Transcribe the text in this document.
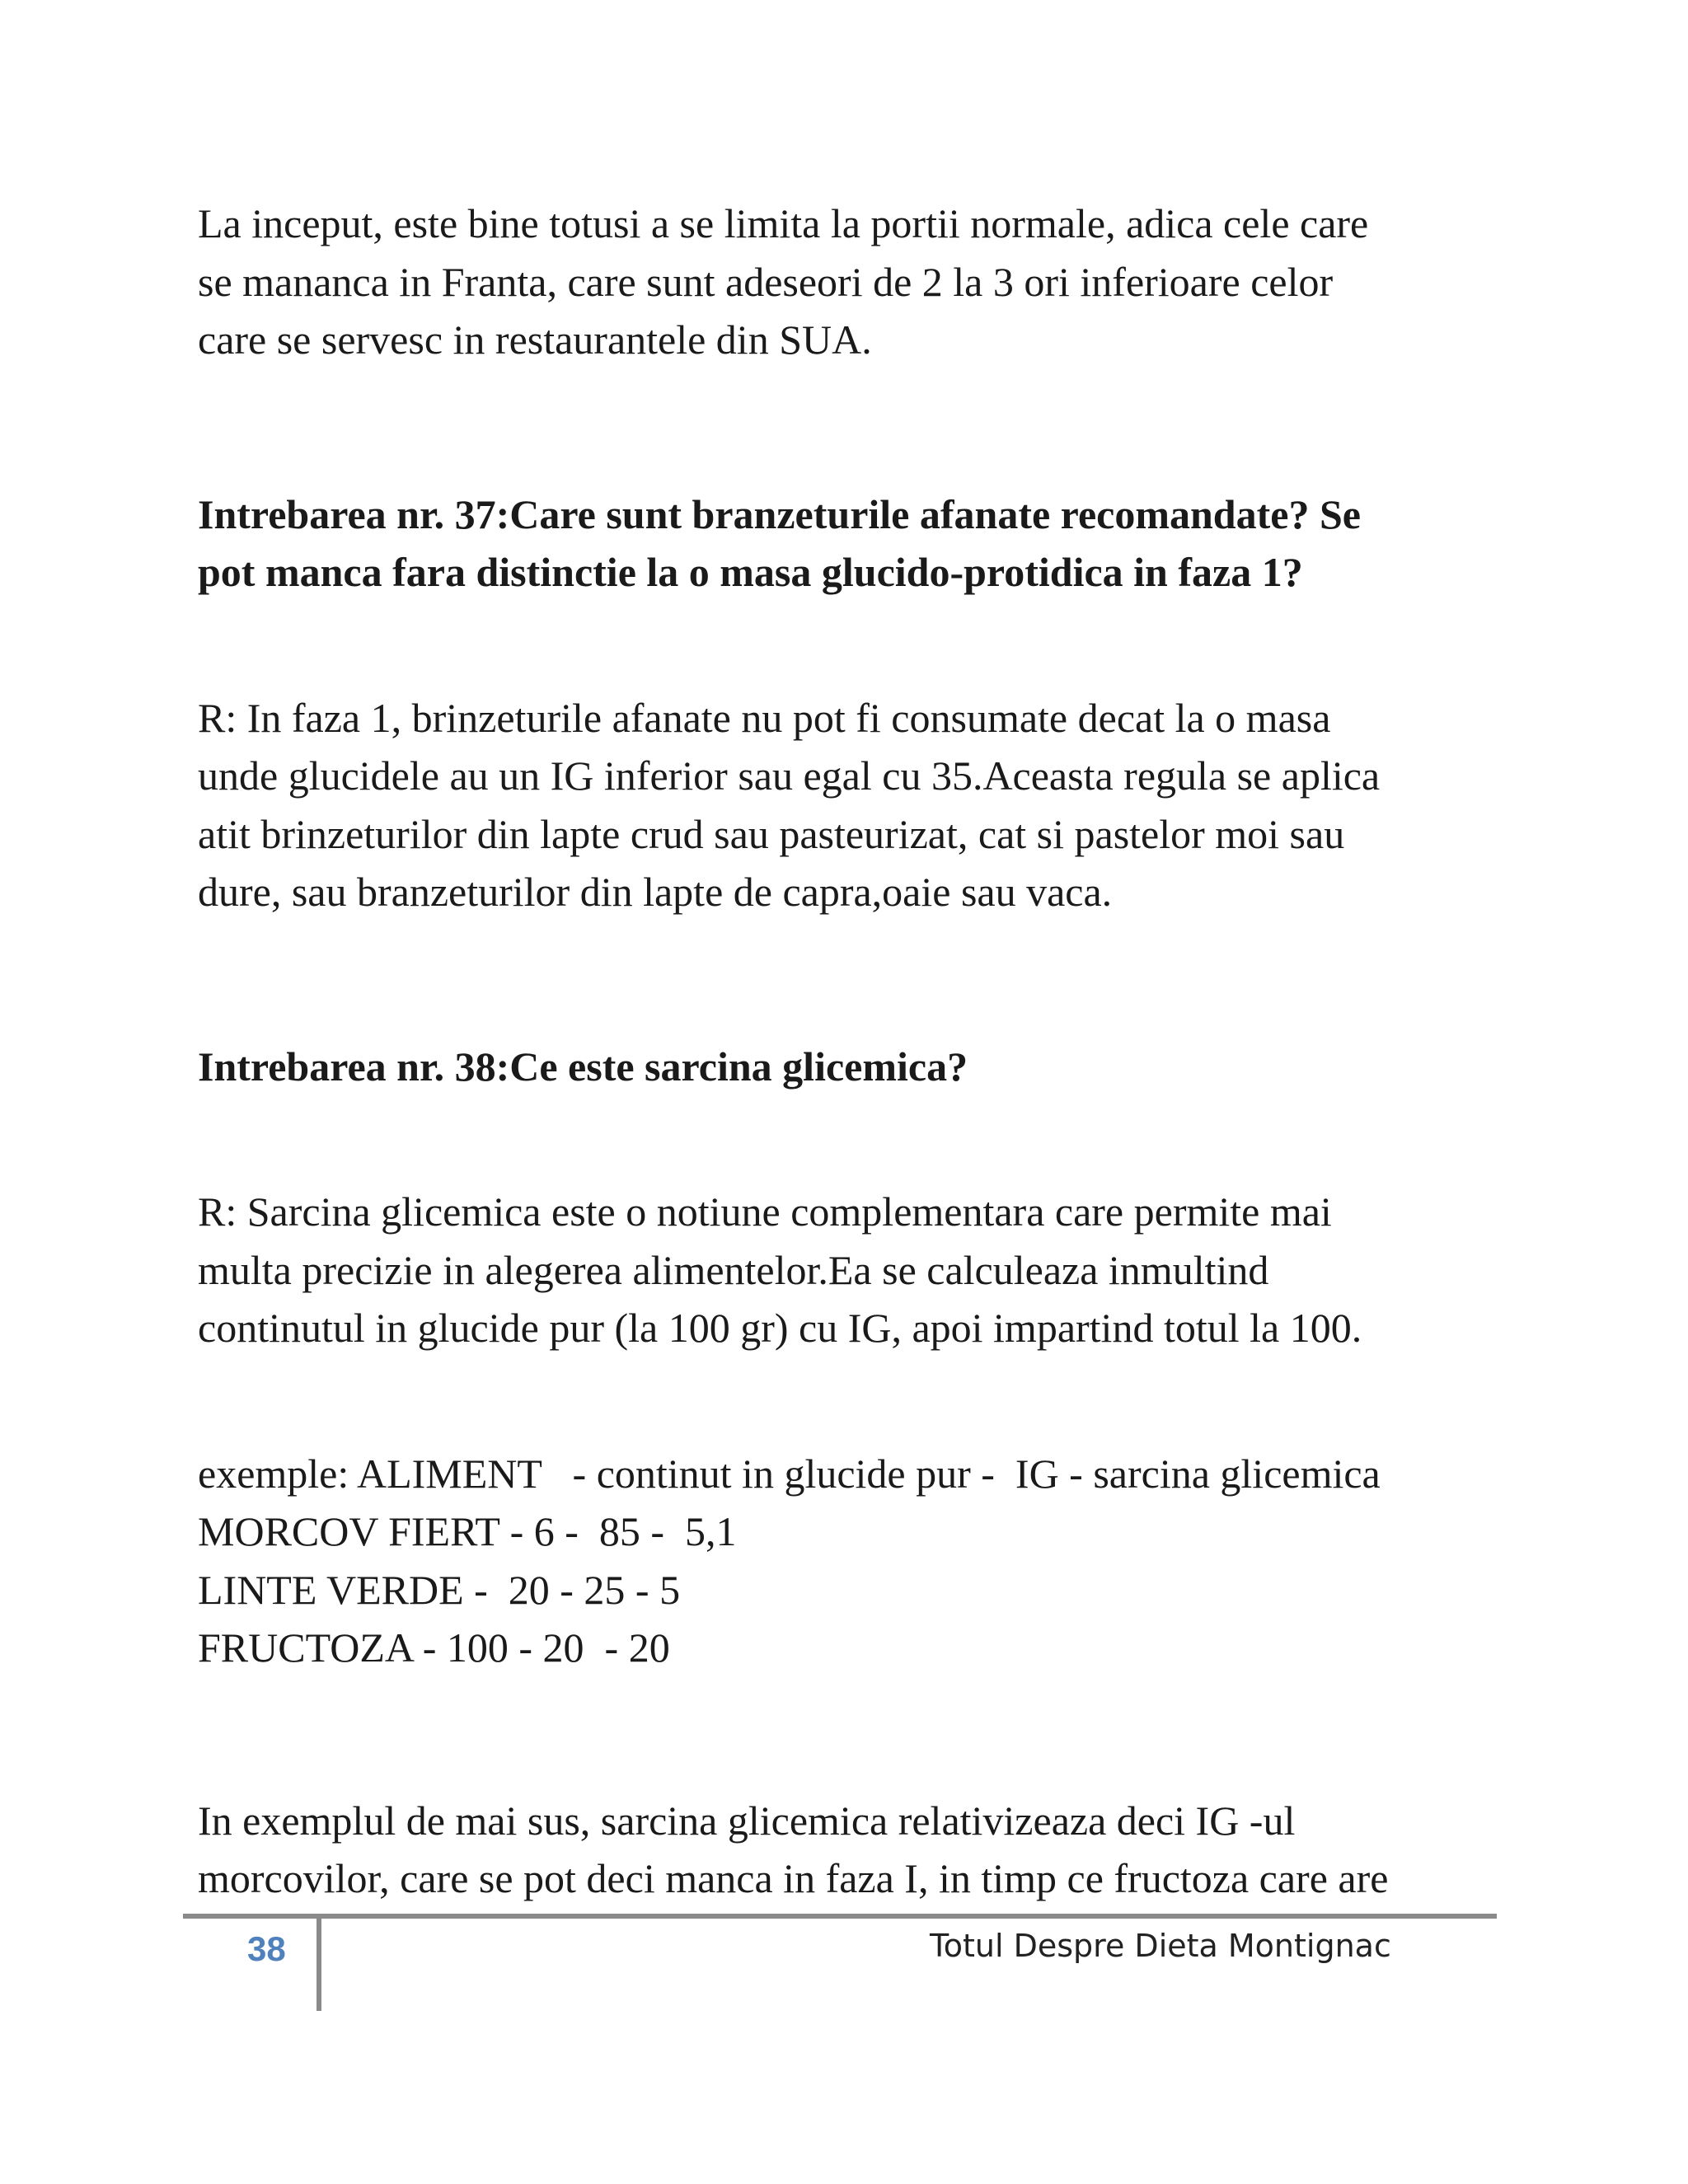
La inceput, este bine totusi a se limita la portii normale, adica cele care
se mananca in Franta, care sunt adeseori de 2 la 3 ori inferioare celor
care se servesc in restaurantele din SUA.
Intrebarea nr. 37:Care sunt branzeturile afanate recomandate? Se
pot manca fara distinctie la o masa glucido-protidica in faza 1?
R: In faza 1, brinzeturile afanate nu pot fi consumate decat la o masa
unde glucidele au un IG inferior sau egal cu 35.Aceasta regula se aplica
atit brinzeturilor din lapte crud sau pasteurizat, cat si pastelor moi sau
dure, sau branzeturilor din lapte de capra,oaie sau vaca.
Intrebarea nr. 38:Ce este sarcina glicemica?
R: Sarcina glicemica este o notiune complementara care permite mai
multa precizie in alegerea alimentelor.Ea se calculeaza inmultind
continutul in glucide pur (la 100 gr) cu IG, apoi impartind totul la 100.
exemple: ALIMENT   - continut in glucide pur -  IG - sarcina glicemica
MORCOV FIERT - 6 -  85 -  5,1
LINTE VERDE -  20 - 25 - 5
FRUCTOZA - 100 - 20  - 20
In exemplul de mai sus, sarcina glicemica relativizeaza deci IG -ul
morcovilor, care se pot deci manca in faza I, in timp ce fructoza care are
38	Totul Despre Dieta Montignac
